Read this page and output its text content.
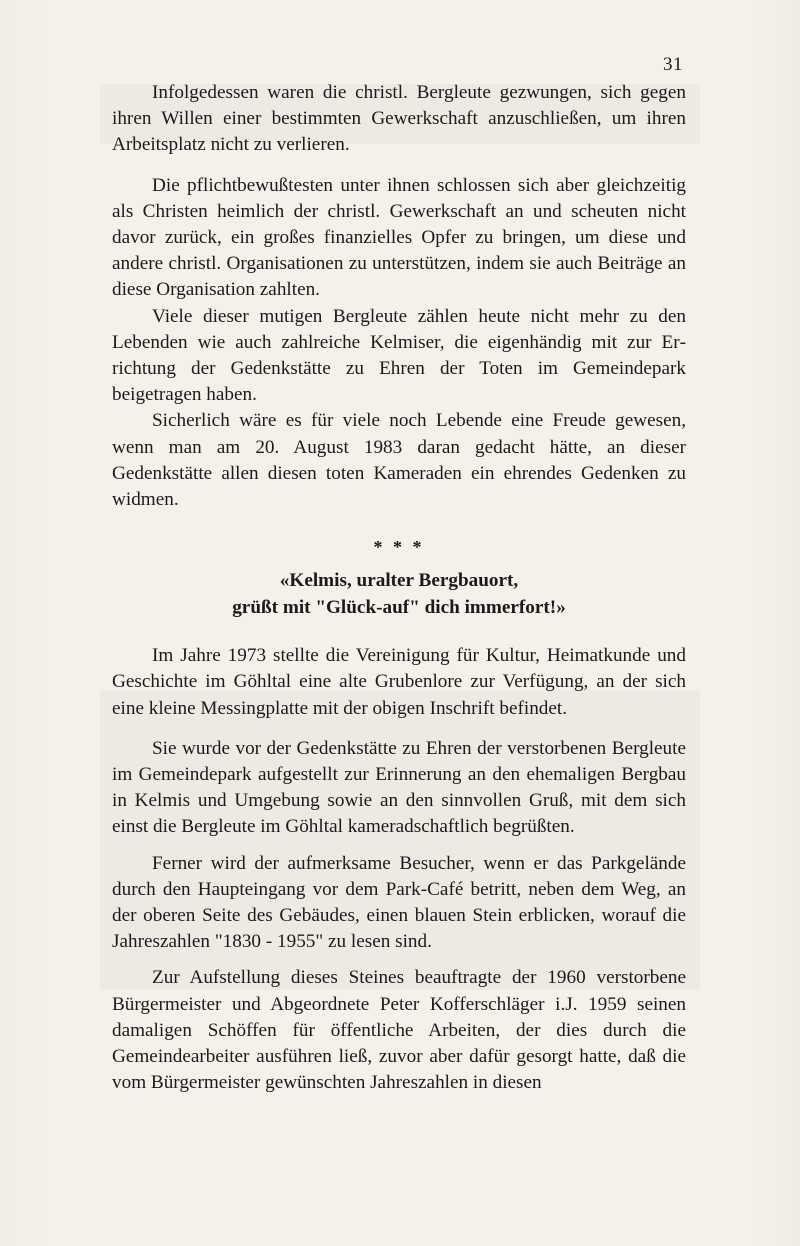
31

Infolgedessen waren die christl. Bergleute gezwungen, sich gegen ihren Willen einer bestimmten Gewerkschaft anzuschließen, um ihren Arbeitsplatz nicht zu verlieren.

Die pflichtbewußtesten unter ihnen schlossen sich aber gleichzeitig als Christen heimlich der christl. Gewerkschaft an und scheuten nicht davor zurück, ein großes finanzielles Opfer zu bringen, um diese und andere christl. Organisationen zu unterstützen, indem sie auch Beiträge an diese Organisation zahlten.

Viele dieser mutigen Bergleute zählen heute nicht mehr zu den Lebenden wie auch zahlreiche Kelmiser, die eigenhändig mit zur Errichtung der Gedenkstätte zu Ehren der Toten im Gemeindepark beigetragen haben.

Sicherlich wäre es für viele noch Lebende eine Freude gewesen, wenn man am 20. August 1983 daran gedacht hätte, an dieser Gedenkstätte allen diesen toten Kameraden ein ehrendes Gedenken zu widmen.

* * *
«Kelmis, uralter Bergbauort,
grüßt mit "Glück-auf" dich immerfort!»

Im Jahre 1973 stellte die Vereinigung für Kultur, Heimatkunde und Geschichte im Göhltal eine alte Grubenlore zur Verfügung, an der sich eine kleine Messingplatte mit der obigen Inschrift befindet.

Sie wurde vor der Gedenkstätte zu Ehren der verstorbenen Bergleute im Gemeindepark aufgestellt zur Erinnerung an den ehemaligen Bergbau in Kelmis und Umgebung sowie an den sinnvollen Gruß, mit dem sich einst die Bergleute im Göhltal kameradschaftlich begrüßten.

Ferner wird der aufmerksame Besucher, wenn er das Parkgelände durch den Haupteingang vor dem Park-Café betritt, neben dem Weg, an der oberen Seite des Gebäudes, einen blauen Stein erblicken, worauf die Jahreszahlen "1830 - 1955" zu lesen sind.

Zur Aufstellung dieses Steines beauftragte der 1960 verstorbene Bürgermeister und Abgeordnete Peter Kofferschläger i.J. 1959 seinen damaligen Schöffen für öffentliche Arbeiten, der dies durch die Gemeindearbeiter ausführen ließ, zuvor aber dafür gesorgt hatte, daß die vom Bürgermeister gewünschten Jahreszahlen in diesen
